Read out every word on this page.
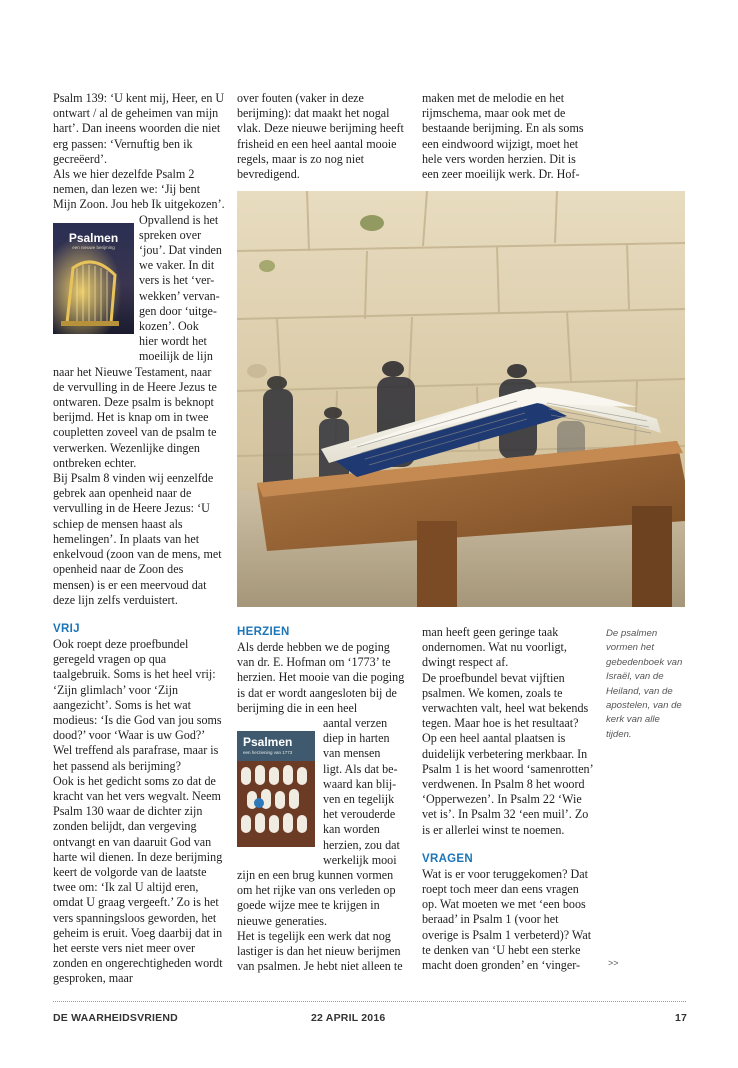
Psalm 139: ‘U kent mij, Heer, en U ontwart / al de geheimen van mijn hart’. Dan ineens woorden die niet erg passen: ‘Vernuftig ben ik gecreëerd’.

Als we hier dezelfde Psalm 2 nemen, dan lezen we: ‘Jij bent Mijn Zoon. Jou heb Ik uitgekozen’.

Opvallend is het
spreken over
‘jou’. Dat vinden
we vaker. In dit
vers is het ‘ver-
wekken’ vervan-
gen door ‘uitge-
kozen’. Ook
hier wordt het
moeilijk de lijn

naar het Nieuwe Testament, naar de vervulling in de Heere Jezus te ontwaren. Deze psalm is beknopt berijmd. Het is knap om in twee coupletten zoveel van de psalm te verwerken. Wezenlijke dingen ontbreken echter.

Bij Psalm 8 vinden wij eenzelfde gebrek aan openheid naar de vervulling in de Heere Jezus: ‘U schiep de mensen haast als hemelingen’. In plaats van het enkelvoud (zoon van de mens, met openheid naar de Zoon des mensen) is er een meervoud dat deze lijn zelfs verduistert.

VRIJ

Ook roept deze proefbundel geregeld vragen op qua taalgebruik. Soms is het heel vrij: ‘Zijn glimlach’ voor ‘Zijn aangezicht’. Soms is het wat modieus: ‘Is die God van jou soms dood?’ voor ‘Waar is uw God?’ Wel treffend als parafrase, maar is het passend als berijming?

Ook is het gedicht soms zo dat de kracht van het vers wegvalt. Neem Psalm 130 waar de dichter zijn zonden belijdt, dan vergeving ontvangt en van daaruit God van harte wil dienen. In deze berijming keert de volgorde van de laatste twee om: ‘Ik zal U altijd eren, omdat U graag vergeeft.’ Zo is het vers spanningsloos geworden, het geheim is eruit. Voeg daarbij dat in het eerste vers niet meer over zonden en ongerechtigheden wordt gesproken, maar

Psalmen
een nieuwe berijming

over fouten (vaker in deze berijming): dat maakt het nogal vlak. Deze nieuwe berijming heeft frisheid en een heel aantal mooie regels, maar is zo nog niet bevredigend.

maken met de melodie en het rijmschema, maar ook met de bestaande berijming. En als soms een eindwoord wijzigt, moet het hele vers worden herzien. Dit is een zeer moeilijk werk. Dr. Hof-

HERZIEN

Als derde hebben we de poging van dr. E. Hofman om ‘1773’ te herzien. Het mooie van die poging is dat er wordt aangesloten bij de berijming die in een heel

aantal verzen
diep in harten
van mensen
ligt. Als dat be-
waard kan blij-
ven en tegelijk
het verouderde
kan worden
herzien, zou dat
werkelijk mooi

zijn en een brug kunnen vormen om het rijke van ons verleden op goede wijze mee te krijgen in nieuwe generaties.

Het is tegelijk een werk dat nog lastiger is dan het nieuw berijmen van psalmen. Je hebt niet alleen te

Psalmen
een herziening van 1773

man heeft geen geringe taak ondernomen. Wat nu voorligt, dwingt respect af.

De proefbundel bevat vijftien psalmen. We komen, zoals te verwachten valt, heel wat bekends tegen. Maar hoe is het resultaat? Op een heel aantal plaatsen is duidelijk verbetering merkbaar. In Psalm 1 is het woord ‘samenrotten’ verdwenen. In Psalm 8 het woord ‘Opperwezen’. In Psalm 22 ‘Wie vet is’. In Psalm 32 ‘een muil’. Zo is er allerlei winst te noemen.

VRAGEN

Wat is er voor teruggekomen? Dat roept toch meer dan eens vragen op. Wat moeten we met ‘een boos beraad’ in Psalm 1 (voor het overige is Psalm 1 verbeterd)? Wat te denken van ‘U hebt een sterke macht doen gronden’ en ‘vinger-

De psalmen vormen het gebedenboek van Israël, van de Heiland, van de apostelen, van de kerk van alle tijden.
>>
DE WAARHEIDSVRIEND	22 APRIL 2016	17
